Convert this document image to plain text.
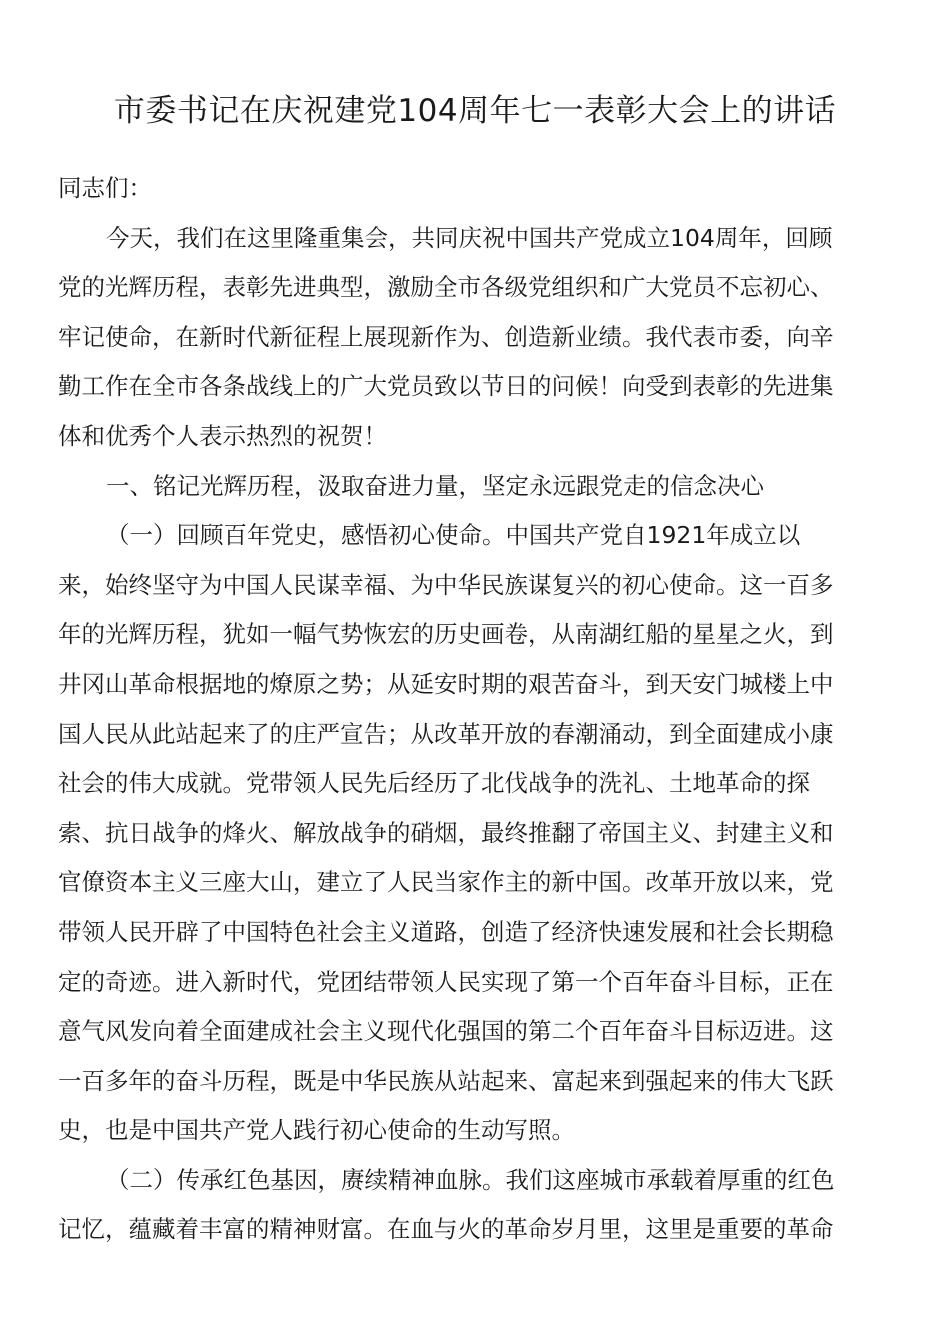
市委书记在庆祝建党104周年七一表彰大会上的讲话
同志们：
今天，我们在这里隆重集会，共同庆祝中国共产党成立104周年，回顾
党的光辉历程，表彰先进典型，激励全市各级党组织和广大党员不忘初心、
牢记使命，在新时代新征程上展现新作为、创造新业绩。我代表市委，向辛
勤工作在全市各条战线上的广大党员致以节日的问候！向受到表彰的先进集
体和优秀个人表示热烈的祝贺！
一、铭记光辉历程，汲取奋进力量，坚定永远跟党走的信念决心
（一）回顾百年党史，感悟初心使命。中国共产党自1921年成立以
来，始终坚守为中国人民谋幸福、为中华民族谋复兴的初心使命。这一百多
年的光辉历程，犹如一幅气势恢宏的历史画卷，从南湖红船的星星之火，到
井冈山革命根据地的燎原之势；从延安时期的艰苦奋斗，到天安门城楼上中
国人民从此站起来了的庄严宣告；从改革开放的春潮涌动，到全面建成小康
社会的伟大成就。党带领人民先后经历了北伐战争的洗礼、土地革命的探
索、抗日战争的烽火、解放战争的硝烟，最终推翻了帝国主义、封建主义和
官僚资本主义三座大山，建立了人民当家作主的新中国。改革开放以来，党
带领人民开辟了中国特色社会主义道路，创造了经济快速发展和社会长期稳
定的奇迹。进入新时代，党团结带领人民实现了第一个百年奋斗目标，正在
意气风发向着全面建成社会主义现代化强国的第二个百年奋斗目标迈进。这
一百多年的奋斗历程，既是中华民族从站起来、富起来到强起来的伟大飞跃
史，也是中国共产党人践行初心使命的生动写照。
（二）传承红色基因，赓续精神血脉。我们这座城市承载着厚重的红色
记忆，蕴藏着丰富的精神财富。在血与火的革命岁月里，这里是重要的革命
